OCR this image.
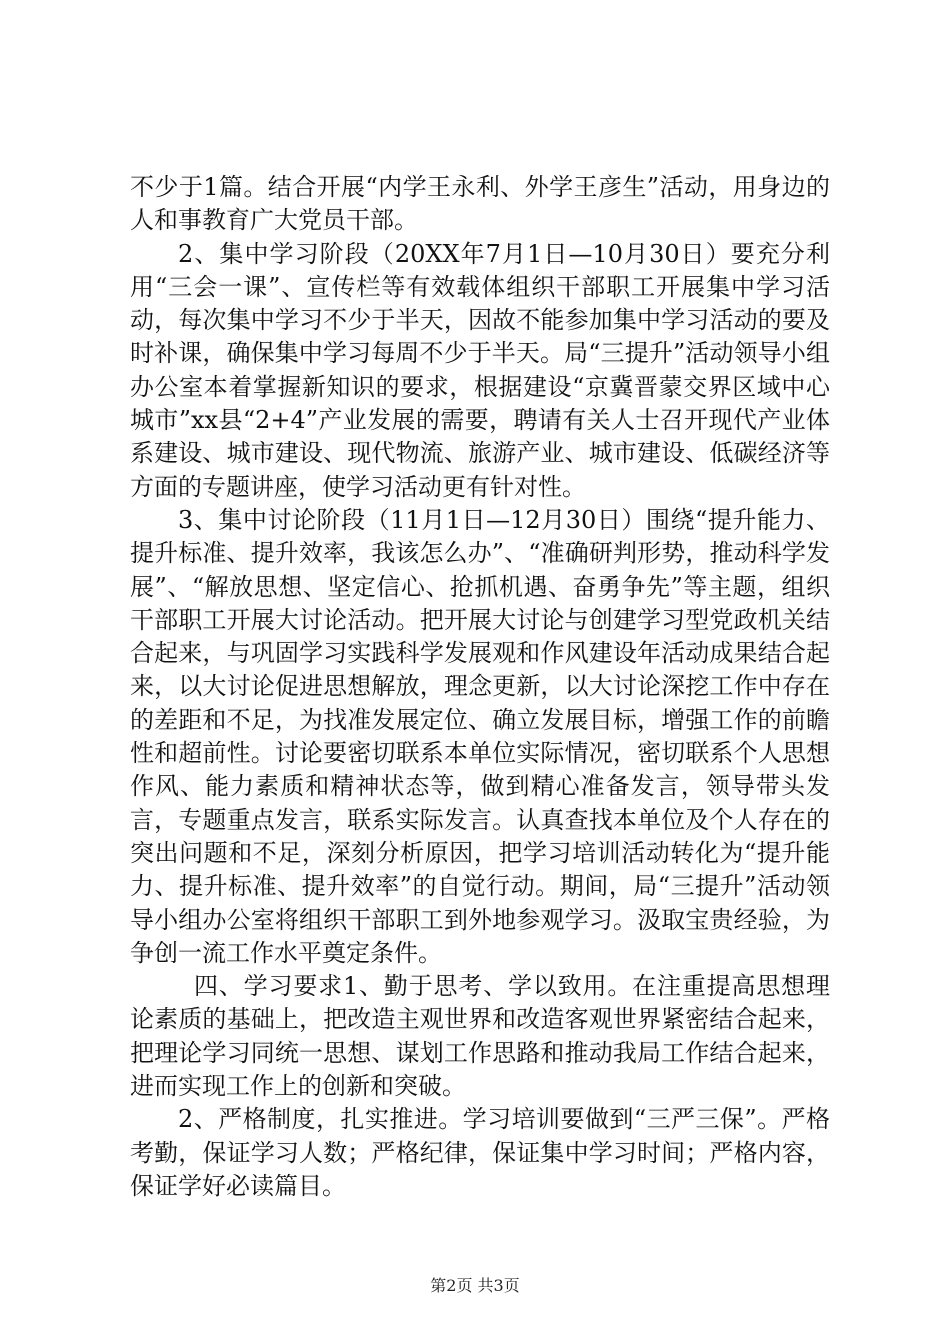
不少于1篇。结合开展“内学王永利、外学王彦生”活动，用身边的人和事教育广大党员干部。

2、集中学习阶段（20XX年7月1日—10月30日）要充分利用“三会一课”、宣传栏等有效载体组织干部职工开展集中学习活动，每次集中学习不少于半天，因故不能参加集中学习活动的要及时补课，确保集中学习每周不少于半天。局“三提升”活动领导小组办公室本着掌握新知识的要求，根据建设“京冀晋蒙交界区域中心城市”xx县“2+4”产业发展的需要，聘请有关人士召开现代产业体系建设、城市建设、现代物流、旅游产业、城市建设、低碳经济等方面的专题讲座，使学习活动更有针对性。

3、集中讨论阶段（11月1日—12月30日）围绕“提升能力、提升标准、提升效率，我该怎么办”、“准确研判形势，推动科学发展”、“解放思想、坚定信心、抢抓机遇、奋勇争先”等主题，组织干部职工开展大讨论活动。把开展大讨论与创建学习型党政机关结合起来，与巩固学习实践科学发展观和作风建设年活动成果结合起来，以大讨论促进思想解放，理念更新，以大讨论深挖工作中存在的差距和不足，为找准发展定位、确立发展目标，增强工作的前瞻性和超前性。讨论要密切联系本单位实际情况，密切联系个人思想作风、能力素质和精神状态等，做到精心准备发言，领导带头发言，专题重点发言，联系实际发言。认真查找本单位及个人存在的突出问题和不足，深刻分析原因，把学习培训活动转化为“提升能力、提升标准、提升效率”的自觉行动。期间，局“三提升”活动领导小组办公室将组织干部职工到外地参观学习。汲取宝贵经验，为争创一流工作水平奠定条件。

四、学习要求1、勤于思考、学以致用。在注重提高思想理论素质的基础上，把改造主观世界和改造客观世界紧密结合起来，把理论学习同统一思想、谋划工作思路和推动我局工作结合起来，进而实现工作上的创新和突破。

2、严格制度，扎实推进。学习培训要做到“三严三保”。严格考勤，保证学习人数；严格纪律，保证集中学习时间；严格内容，保证学好必读篇目。

第2页 共3页
